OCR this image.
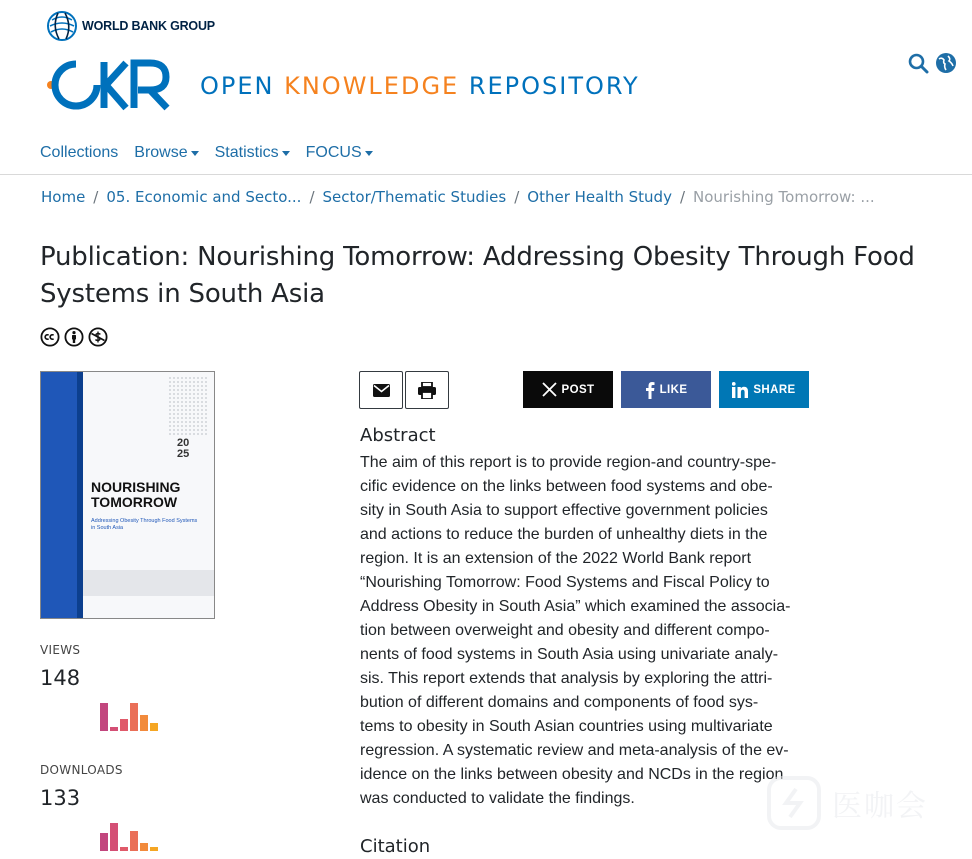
WORLD BANK GROUP
OPEN KNOWLEDGE REPOSITORY
Collections Browse Statistics FOCUS
Home / 05. Economic and Secto... / Sector/Thematic Studies / Other Health Study / Nourishing Tomorrow: ...
Publication: Nourishing Tomorrow: Addressing Obesity Through Food Systems in South Asia
20
25
NOURISHING
TOMORROW
Addressing Obesity Through Food Systems
in South Asia
VIEWS
148
DOWNLOADS
133
POST	LIKE	SHARE
Abstract
The aim of this report is to provide region-and country-spe-
cific evidence on the links between food systems and obe-
sity in South Asia to support effective government policies
and actions to reduce the burden of unhealthy diets in the
region. It is an extension of the 2022 World Bank report
“Nourishing Tomorrow: Food Systems and Fiscal Policy to
Address Obesity in South Asia” which examined the associa-
tion between overweight and obesity and different compo-
nents of food systems in South Asia using univariate analy-
sis. This report extends that analysis by exploring the attri-
bution of different domains and components of food sys-
tems to obesity in South Asian countries using multivariate
regression. A systematic review and meta-analysis of the ev-
idence on the links between obesity and NCDs in the region
was conducted to validate the findings.
Citation
医咖会
